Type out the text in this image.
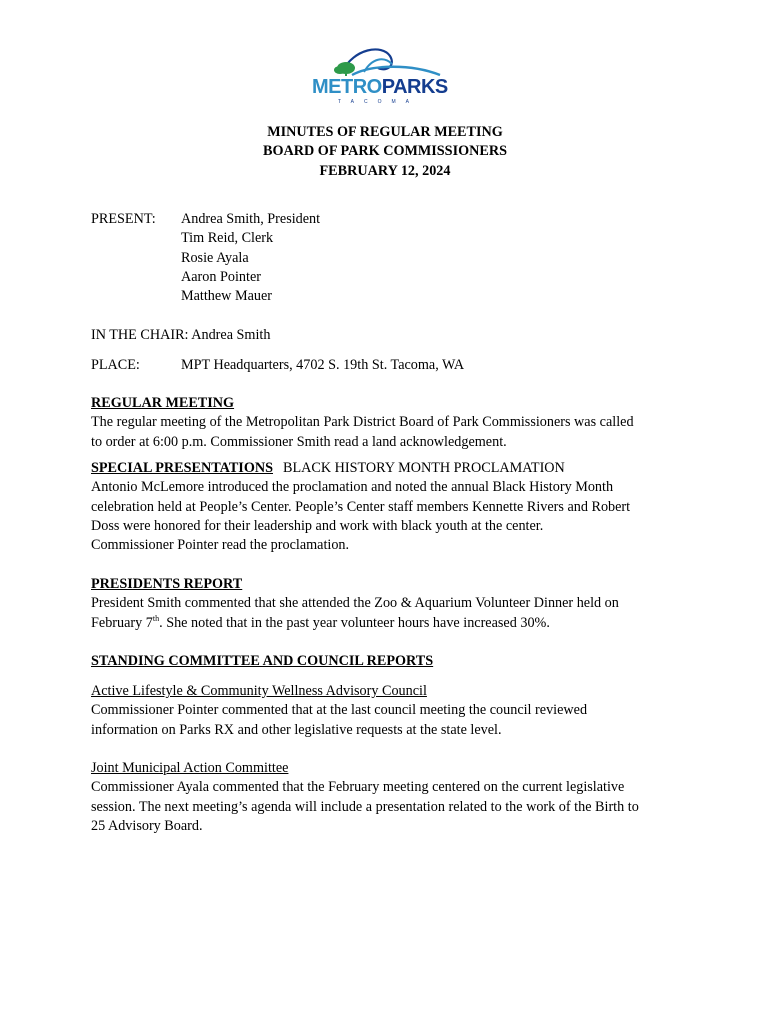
METROPARKS
TACOMA
MINUTES OF REGULAR MEETING
BOARD OF PARK COMMISSIONERS
FEBRUARY 12, 2024
PRESENT: Andrea Smith, President
Tim Reid, Clerk
Rosie Ayala
Aaron Pointer
Matthew Mauer
IN THE CHAIR: Andrea Smith
PLACE:	MPT Headquarters, 4702 S. 19th St. Tacoma, WA
REGULAR MEETING
The regular meeting of the Metropolitan Park District Board of Park Commissioners was called
to order at 6:00 p.m. Commissioner Smith read a land acknowledgement.
SPECIAL PRESENTATIONS BLACK HISTORY MONTH PROCLAMATION
Antonio McLemore introduced the proclamation and noted the annual Black History Month
celebration held at People’s Center. People’s Center staff members Kennette Rivers and Robert
Doss were honored for their leadership and work with black youth at the center.
Commissioner Pointer read the proclamation.
PRESIDENTS REPORT
President Smith commented that she attended the Zoo & Aquarium Volunteer Dinner held on
February 7th. She noted that in the past year volunteer hours have increased 30%.
STANDING COMMITTEE AND COUNCIL REPORTS
Active Lifestyle & Community Wellness Advisory Council
Commissioner Pointer commented that at the last council meeting the council reviewed
information on Parks RX and other legislative requests at the state level.
Joint Municipal Action Committee
Commissioner Ayala commented that the February meeting centered on the current legislative
session. The next meeting’s agenda will include a presentation related to the work of the Birth to
25 Advisory Board.
